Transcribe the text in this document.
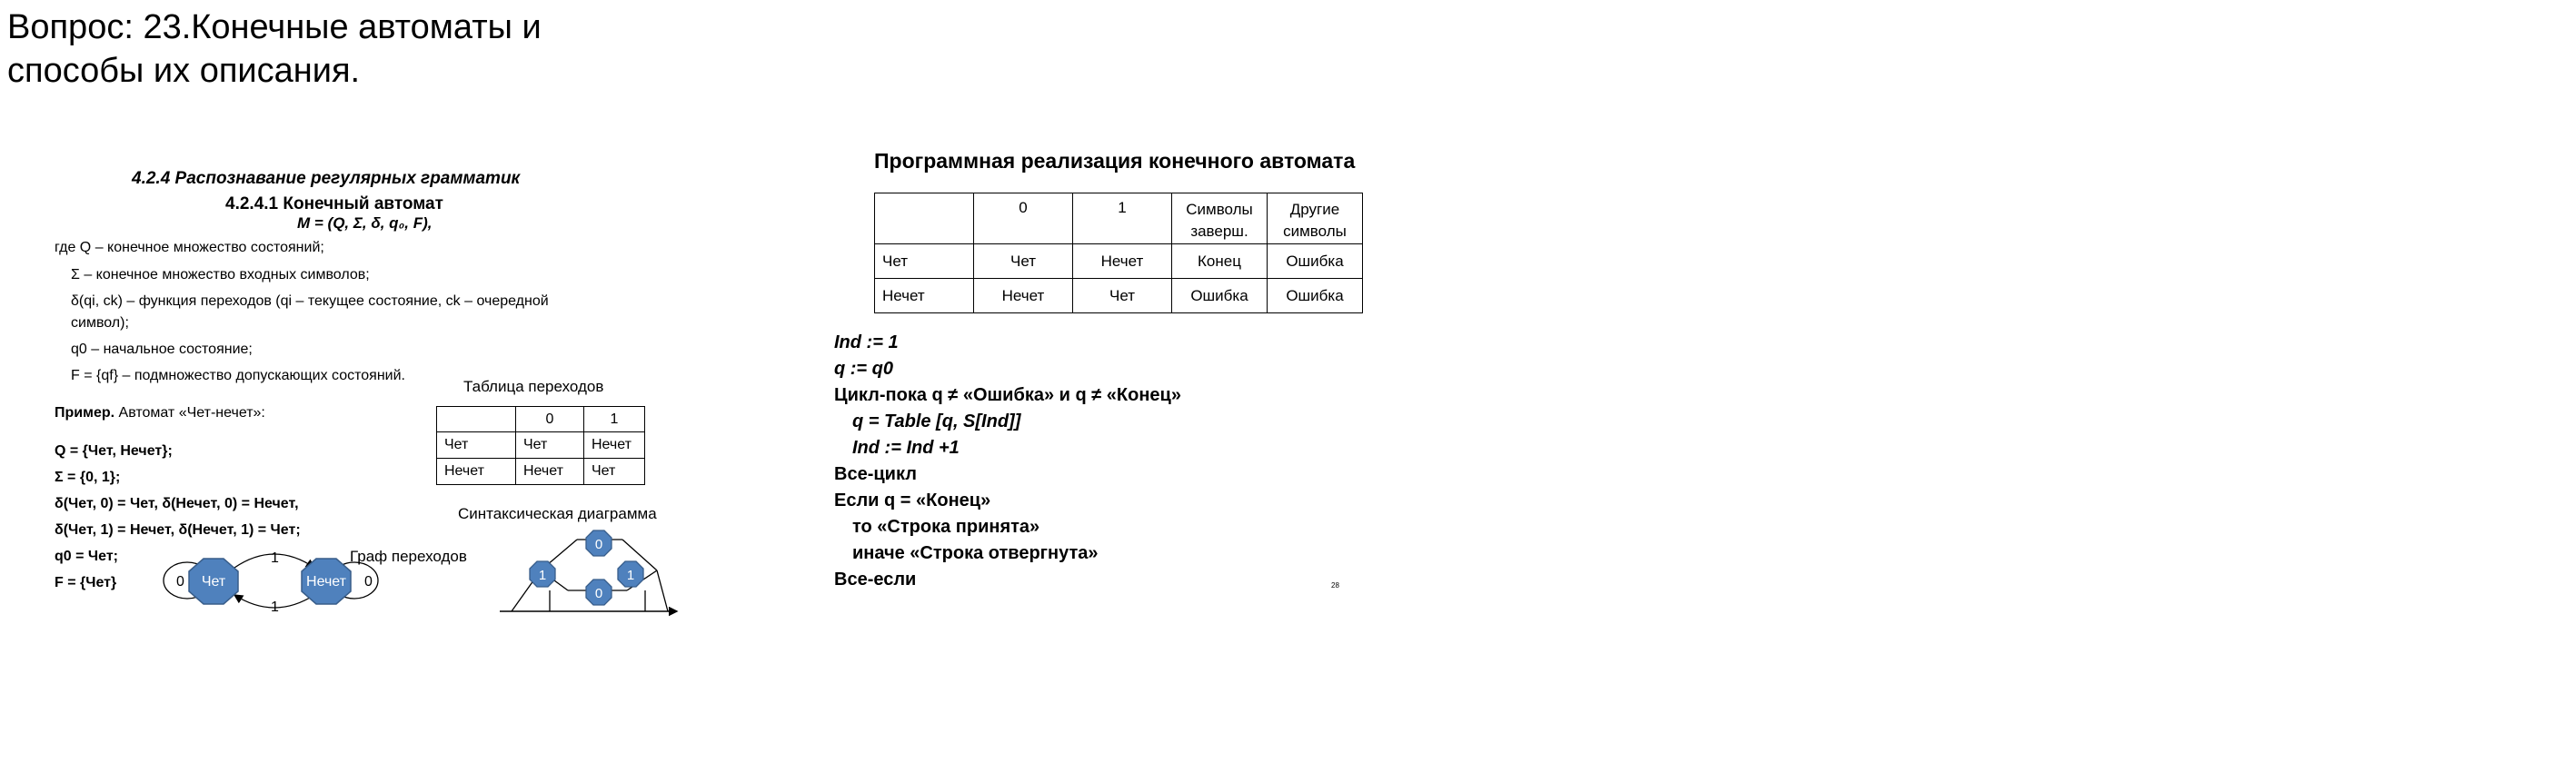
Вопрос: 23.Конечные автоматы и способы их описания.
4.2.4 Распознавание регулярных грамматик
4.2.4.1 Конечный автомат
M = (Q, Σ, δ, q₀, F),
где Q – конечное множество состояний;
Σ – конечное множество входных символов;
δ(qi, ck) – функция переходов (qi – текущее состояние, ck – очередной
символ);
q0 – начальное состояние;
F = {qf} – подмножество допускающих состояний.
Таблица переходов
Пример. Автомат «Чет-нечет»:
		0	1
Чет	Чет	Нечет
Нечет	Нечет	Чет
Q = {Чет, Нечет};
Σ = {0, 1};
δ(Чет, 0) = Чет, δ(Нечет, 0) = Нечет,
δ(Чет, 1) = Нечет, δ(Нечет, 1) = Чет;
q0 = Чет;
F = {Чет}
Синтаксическая диаграмма
Граф переходов
Чет	Нечет
0	0
1
1
0
1	1
0
Программная реализация конечного автомата
	0	1	Символы заверш.	Другие символы
Чет	Чет	Нечет	Конец	Ошибка
Нечет	Нечет	Чет	Ошибка	Ошибка
Ind := 1
q := q0
Цикл-пока q ≠ «Ошибка» и q ≠ «Конец»
q = Table [q, S[Ind]]
Ind := Ind +1
Все-цикл
Если q = «Конец»
то «Строка принята»
иначе «Строка отвергнута»
Все-если	28
